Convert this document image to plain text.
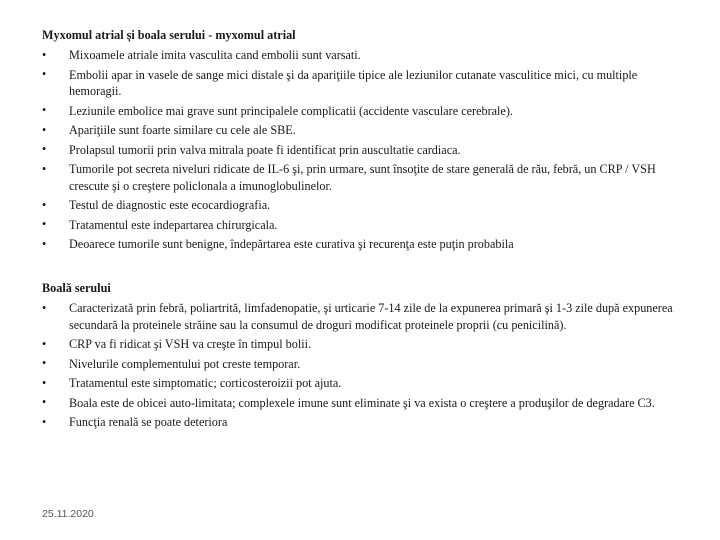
Myxomul atrial şi boala serului - myxomul atrial

•	Mixoamele atriale imita vasculita cand embolii sunt varsati.
•	Embolii apar in vasele de sange mici distale şi da apariţiile tipice ale leziunilor cutanate vasculitice mici, cu multiple hemoragii.
•	Leziunile embolice mai grave sunt principalele complicatii (accidente vasculare cerebrale).
•	Apariţiile sunt foarte similare cu cele ale SBE.
•	Prolapsul tumorii prin valva mitrala poate fi identificat prin auscultatie cardiaca.
•	Tumorile pot secreta niveluri ridicate de IL-6 şi, prin urmare, sunt însoţite de stare generală de rău, febră, un CRP / VSH crescute şi o creştere policlonala a imunoglobulinelor.
•	Testul de diagnostic este ecocardiografia.
•	Tratamentul este indepartarea chirurgicala.
•	Deoarece tumorile sunt benigne, îndepărtarea este curativa şi recurenţa este puţin probabila

Boală serului

•	Caracterizată prin febră, poliartrită, limfadenopatie, şi urticarie 7-14 zile de la expunerea primară şi 1-3 zile după expunerea secundară la proteinele străine sau la consumul de droguri modificat proteinele proprii (cu penicilină).
•	CRP va fi ridicat şi VSH va creşte în timpul bolii.
•	Nivelurile complementului pot creste temporar.
•	Tratamentul este simptomatic; corticosteroizii pot ajuta.
•	Boala este de obicei auto-limitata; complexele imune sunt eliminate şi va exista o creştere a produşilor de degradare C3.
•	Funcţia renală se poate deteriora
25.11.2020
